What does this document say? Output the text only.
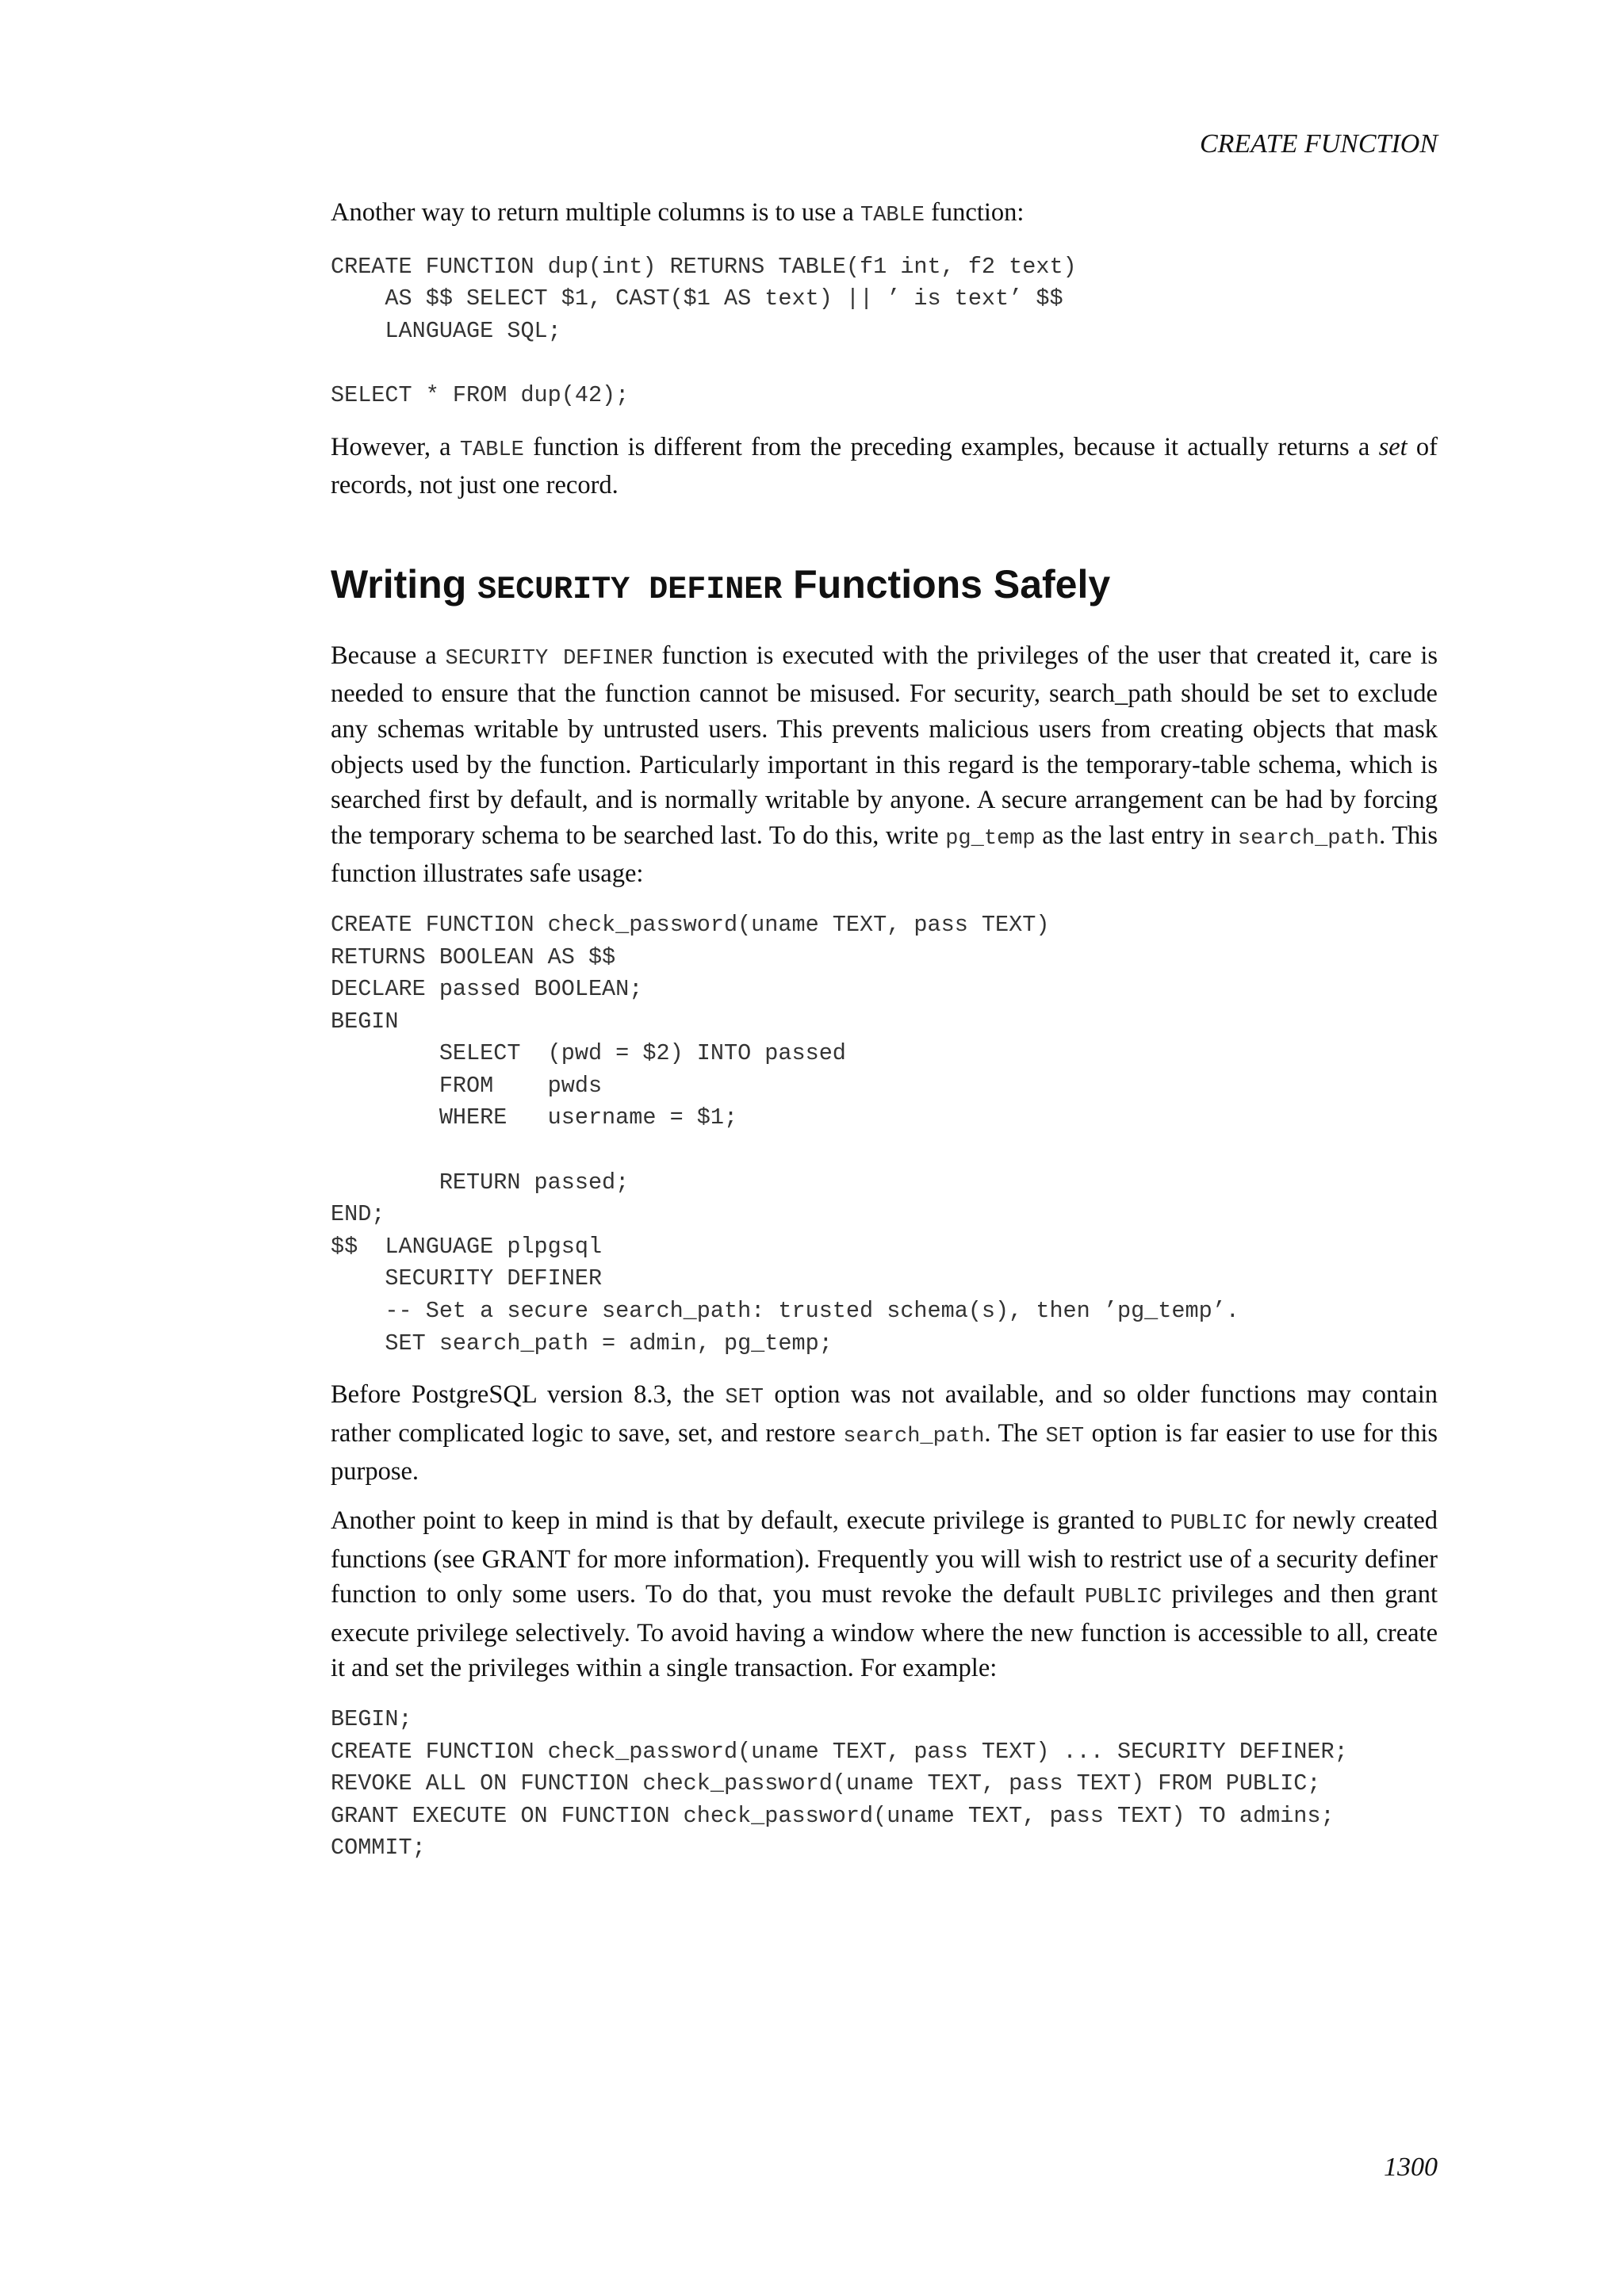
CREATE FUNCTION

Another way to return multiple columns is to use a TABLE function:

CREATE FUNCTION dup(int) RETURNS TABLE(f1 int, f2 text)
AS $$ SELECT $1, CAST($1 AS text) || ’ is text’ $$
LANGUAGE SQL;
SELECT * FROM dup(42);

However, a TABLE function is different from the preceding examples, because it actually returns a set of records, not just one record.

Writing SECURITY DEFINER Functions Safely

Because a SECURITY DEFINER function is executed with the privileges of the user that created it, care is needed to ensure that the function cannot be misused. For security, search_path should be set to exclude any schemas writable by untrusted users. This prevents malicious users from creating objects that mask objects used by the function. Particularly important in this regard is the temporary-table schema, which is searched first by default, and is normally writable by anyone. A secure arrangement can be had by forcing the temporary schema to be searched last. To do this, write pg_temp as the last entry in search_path. This function illustrates safe usage:

CREATE FUNCTION check_password(uname TEXT, pass TEXT)
RETURNS BOOLEAN AS $$
DECLARE passed BOOLEAN;
BEGIN
SELECT  (pwd = $2) INTO passed
FROM    pwds
WHERE   username = $1;
RETURN passed;
END;
$$  LANGUAGE plpgsql
SECURITY DEFINER
-- Set a secure search_path: trusted schema(s), then ’pg_temp’.
SET search_path = admin, pg_temp;

Before PostgreSQL version 8.3, the SET option was not available, and so older functions may contain rather complicated logic to save, set, and restore search_path. The SET option is far easier to use for this purpose.

Another point to keep in mind is that by default, execute privilege is granted to PUBLIC for newly created functions (see GRANT for more information). Frequently you will wish to restrict use of a security definer function to only some users. To do that, you must revoke the default PUBLIC privileges and then grant execute privilege selectively. To avoid having a window where the new function is accessible to all, create it and set the privileges within a single transaction. For example:

BEGIN;
CREATE FUNCTION check_password(uname TEXT, pass TEXT) ... SECURITY DEFINER;
REVOKE ALL ON FUNCTION check_password(uname TEXT, pass TEXT) FROM PUBLIC;
GRANT EXECUTE ON FUNCTION check_password(uname TEXT, pass TEXT) TO admins;
COMMIT;
1300
